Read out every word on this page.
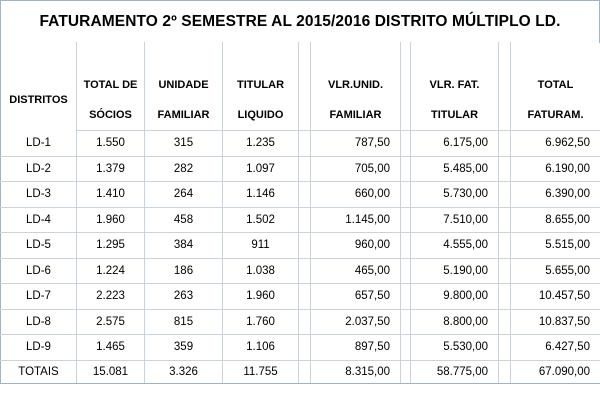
FATURAMENTO 2º SEMESTRE AL 2015/2016 DISTRITO MÚLTIPLO LD.

DISTRITOS	TOTAL DE	UNIDADE	TITULAR		VLR.UNID.		VLR. FAT.		TOTAL
	SÓCIOS	FAMILIAR	LIQUIDO		FAMILIAR		TITULAR		FATURAM.
LD-1	1.550	315	1.235		787,50		6.175,00		6.962,50
LD-2	1.379	282	1.097		705,00		5.485,00		6.190,00
LD-3	1.410	264	1.146		660,00		5.730,00		6.390,00
LD-4	1.960	458	1.502		1.145,00		7.510,00		8.655,00
LD-5	1.295	384	911		960,00		4.555,00		5.515,00
LD-6	1.224	186	1.038		465,00		5.190,00		5.655,00
LD-7	2.223	263	1.960		657,50		9.800,00		10.457,50
LD-8	2.575	815	1.760		2.037,50		8.800,00		10.837,50
LD-9	1.465	359	1.106		897,50		5.530,00		6.427,50
TOTAIS	15.081	3.326	11.755		8.315,00		58.775,00		67.090,00
